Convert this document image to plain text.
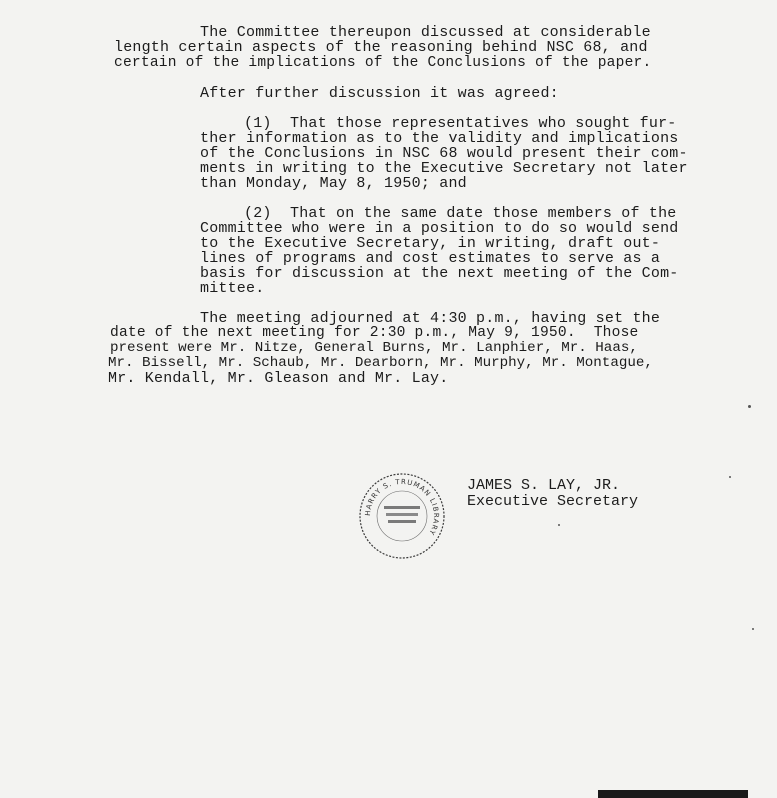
The Committee thereupon discussed at considerable
length certain aspects of the reasoning behind NSC 68, and
certain of the implications of the Conclusions of the paper.
After further discussion it was agreed:
(1)  That those representatives who sought fur-
ther information as to the validity and implications
of the Conclusions in NSC 68 would present their com-
ments in writing to the Executive Secretary not later
than Monday, May 8, 1950; and
(2)  That on the same date those members of the
Committee who were in a position to do so would send
to the Executive Secretary, in writing, draft out-
lines of programs and cost estimates to serve as a
basis for discussion at the next meeting of the Com-
mittee.
The meeting adjourned at 4:30 p.m., having set the
date of the next meeting for 2:30 p.m., May 9, 1950.  Those
present were Mr. Nitze, General Burns, Mr. Lanphier, Mr. Haas,
Mr. Bissell, Mr. Schaub, Mr. Dearborn, Mr. Murphy, Mr. Montague,
Mr. Kendall, Mr. Gleason and Mr. Lay.
HARRY S. TRUMAN LIBRARY
JAMES S. LAY, JR.
Executive Secretary
